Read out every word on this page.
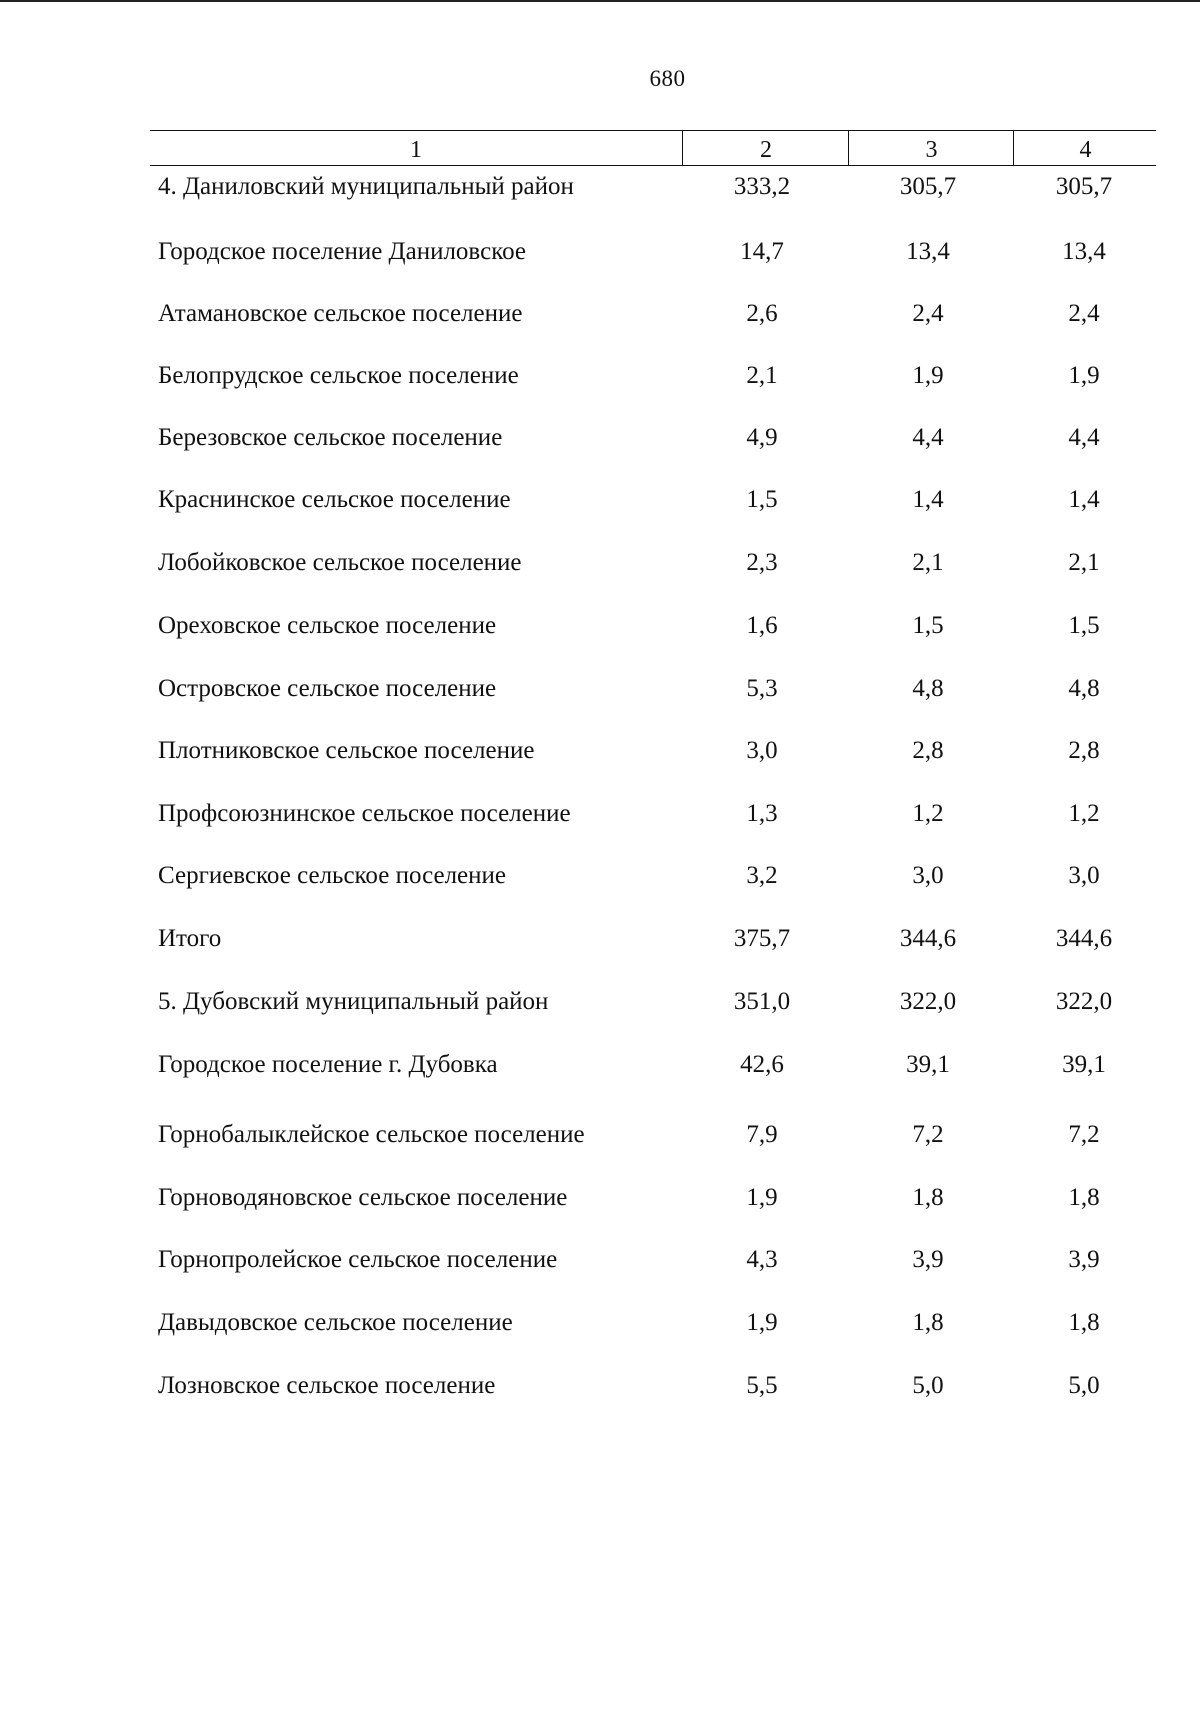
680
1	2	3	4
4. Даниловский муниципальный район	333,2	305,7	305,7
Городское поселение Даниловское	14,7	13,4	13,4
Атамановское сельское поселение	2,6	2,4	2,4
Белопрудское сельское поселение	2,1	1,9	1,9
Березовское сельское поселение	4,9	4,4	4,4
Краснинское сельское поселение	1,5	1,4	1,4
Лобойковское сельское поселение	2,3	2,1	2,1
Ореховское сельское поселение	1,6	1,5	1,5
Островское сельское поселение	5,3	4,8	4,8
Плотниковское сельское поселение	3,0	2,8	2,8
Профсоюзнинское сельское поселение	1,3	1,2	1,2
Сергиевское сельское поселение	3,2	3,0	3,0
Итого	375,7	344,6	344,6
5. Дубовский муниципальный район	351,0	322,0	322,0
Городское поселение г. Дубовка	42,6	39,1	39,1
Горнобалыклейское сельское поселение	7,9	7,2	7,2
Горноводяновское сельское поселение	1,9	1,8	1,8
Горнопролейское сельское поселение	4,3	3,9	3,9
Давыдовское сельское поселение	1,9	1,8	1,8
Лозновское сельское поселение	5,5	5,0	5,0
